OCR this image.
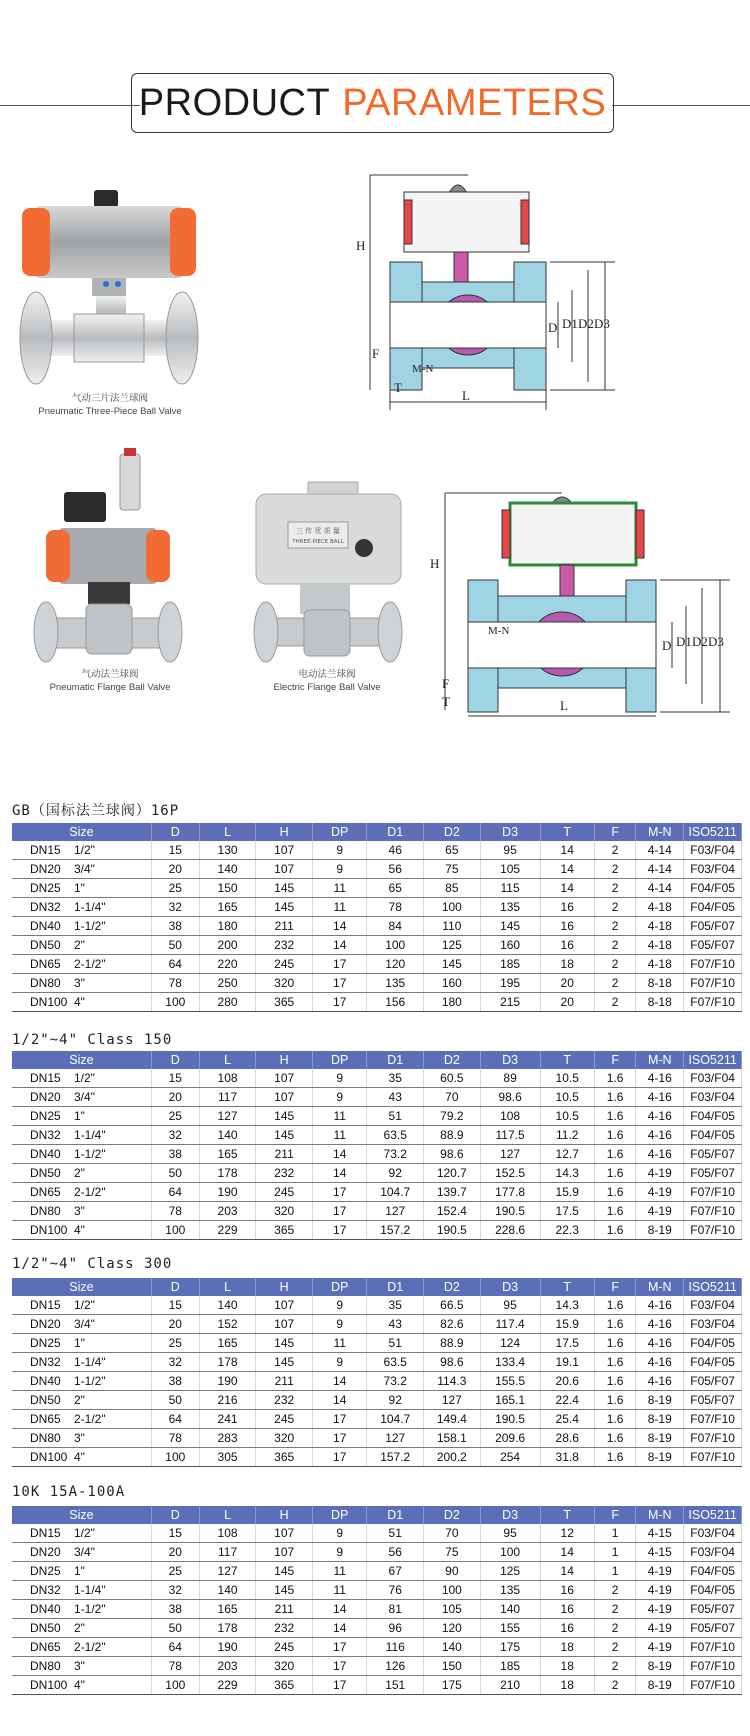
PRODUCT PARAMETERS
气动三片法兰球阀
Pneumatic Three-Piece Ball Valve
H
D D1 D2 D3
F
M-N
T
L
气动法兰球阀
Pneumatic Flange Ball Valve
三 传 优 质 量
THREE-PIECE BALL
电动法兰球阀
Electric Flange Ball Valve
H
D D1 D2 D3
F
M-N
T	L
GB（国标法兰球阀）16P
Size	D	L	H	DP	D1	D2	D3	T	F	M-N	ISO5211
DN15 1/2"	15	130	107	9	46	65	95	14	2	4-14	F03/F04
DN20 3/4"	20	140	107	9	56	75	105	14	2	4-14	F03/F04
DN25 1"	25	150	145	11	65	85	115	14	2	4-14	F04/F05
DN32 1-1/4"	32	165	145	11	78	100	135	16	2	4-18	F04/F05
DN40 1-1/2"	38	180	211	14	84	110	145	16	2	4-18	F05/F07
DN50 2"	50	200	232	14	100	125	160	16	2	4-18	F05/F07
DN65 2-1/2"	64	220	245	17	120	145	185	18	2	4-18	F07/F10
DN80 3"	78	250	320	17	135	160	195	20	2	8-18	F07/F10
DN100 4"	100	280	365	17	156	180	215	20	2	8-18	F07/F10
1/2"~4" Class 150
Size	D	L	H	DP	D1	D2	D3	T	F	M-N	ISO5211
DN15 1/2"	15	108	107	9	35	60.5	89	10.5	1.6	4-16	F03/F04
DN20 3/4"	20	117	107	9	43	70	98.6	10.5	1.6	4-16	F03/F04
DN25 1"	25	127	145	11	51	79.2	108	10.5	1.6	4-16	F04/F05
DN32 1-1/4"	32	140	145	11	63.5	88.9	117.5	11.2	1.6	4-16	F04/F05
DN40 1-1/2"	38	165	211	14	73.2	98.6	127	12.7	1.6	4-16	F05/F07
DN50 2"	50	178	232	14	92	120.7	152.5	14.3	1.6	4-19	F05/F07
DN65 2-1/2"	64	190	245	17	104.7	139.7	177.8	15.9	1.6	4-19	F07/F10
DN80 3"	78	203	320	17	127	152.4	190.5	17.5	1.6	4-19	F07/F10
DN100 4"	100	229	365	17	157.2	190.5	228.6	22.3	1.6	8-19	F07/F10
1/2"~4" Class 300
Size	D	L	H	DP	D1	D2	D3	T	F	M-N	ISO5211
DN15 1/2"	15	140	107	9	35	66.5	95	14.3	1.6	4-16	F03/F04
DN20 3/4"	20	152	107	9	43	82.6	117.4	15.9	1.6	4-16	F03/F04
DN25 1"	25	165	145	11	51	88.9	124	17.5	1.6	4-16	F04/F05
DN32 1-1/4"	32	178	145	9	63.5	98.6	133.4	19.1	1.6	4-16	F04/F05
DN40 1-1/2"	38	190	211	14	73.2	114.3	155.5	20.6	1.6	4-16	F05/F07
DN50 2"	50	216	232	14	92	127	165.1	22.4	1.6	8-19	F05/F07
DN65 2-1/2"	64	241	245	17	104.7	149.4	190.5	25.4	1.6	8-19	F07/F10
DN80 3"	78	283	320	17	127	158.1	209.6	28.6	1.6	8-19	F07/F10
DN100 4"	100	305	365	17	157.2	200.2	254	31.8	1.6	8-19	F07/F10
10K 15A-100A
Size	D	L	H	DP	D1	D2	D3	T	F	M-N	ISO5211
DN15 1/2"	15	108	107	9	51	70	95	12	1	4-15	F03/F04
DN20 3/4"	20	117	107	9	56	75	100	14	1	4-15	F03/F04
DN25 1"	25	127	145	11	67	90	125	14	1	4-19	F04/F05
DN32 1-1/4"	32	140	145	11	76	100	135	16	2	4-19	F04/F05
DN40 1-1/2"	38	165	211	14	81	105	140	16	2	4-19	F05/F07
DN50 2"	50	178	232	14	96	120	155	16	2	4-19	F05/F07
DN65 2-1/2"	64	190	245	17	116	140	175	18	2	4-19	F07/F10
DN80 3"	78	203	320	17	126	150	185	18	2	8-19	F07/F10
DN100 4"	100	229	365	17	151	175	210	18	2	8-19	F07/F10
